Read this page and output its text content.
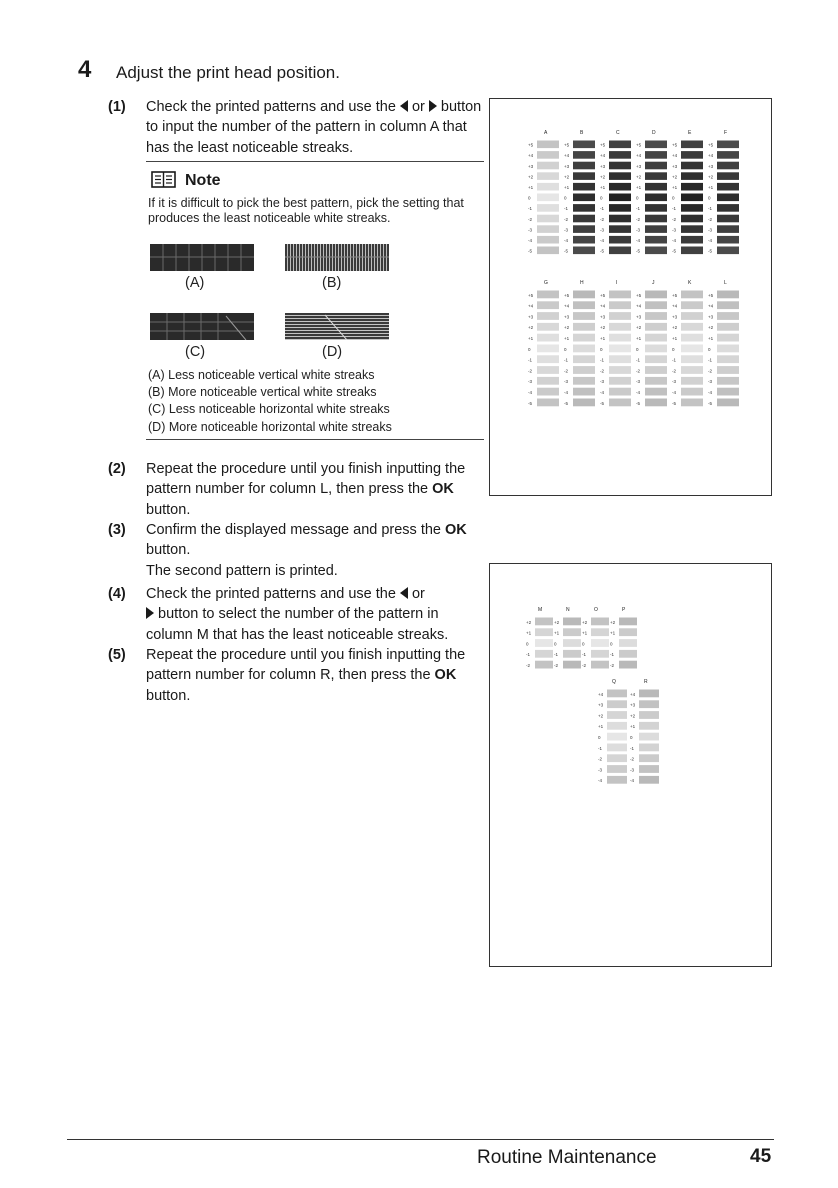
4 Adjust the print head position.
(1) Check the printed patterns and use the or button to input the number of the pattern in column A that has the least noticeable streaks.
Note
If it is difficult to pick the best pattern, pick the setting that produces the least noticeable white streaks.
(A)	(B)
(C)	(D)
(A) Less noticeable vertical white streaks
(B) More noticeable vertical white streaks
(C) Less noticeable horizontal white streaks
(D) More noticeable horizontal white streaks
(2) Repeat the procedure until you finish inputting the pattern number for column L, then press the OK button.
(3) Confirm the displayed message and press the OK button.
The second pattern is printed.
(4) Check the printed patterns and use the or
button to select the number of the pattern in column M that has the least noticeable streaks.
(5) Repeat the procedure until you finish inputting the pattern number for column R, then press the OK button.
A
+5
+4
+3
+2
+1
0
-1
-2
-3
-4
-5
B
+5
+4
+3
+2
+1
0
-1
-2
-3
-4
-5
C
+5
+4
+3
+2
+1
0
-1
-2
-3
-4
-5
D
+5
+4
+3
+2
+1
0
-1
-2
-3
-4
-5
E
+5
+4
+3
+2
+1
0
-1
-2
-3
-4
-5
F
+5
+4
+3
+2
+1
0
-1
-2
-3
-4
-5
G
+5
+4
+3
+2
+1
0
-1
-2
-3
-4
-5
H
+5
+4
+3
+2
+1
0
-1
-2
-3
-4
-5
I
+5
+4
+3
+2
+1
0
-1
-2
-3
-4
-5
J
+5
+4
+3
+2
+1
0
-1
-2
-3
-4
-5
K
+5
+4
+3
+2
+1
0
-1
-2
-3
-4
-5
L
+5
+4
+3
+2
+1
0
-1
-2
-3
-4
-5
M
+2
+1
0
-1
-2
N
+2
+1
0
-1
-2
O
+2
+1
0
-1
-2
P
+2
+1
0
-1
-2
Q
+4
+3
+2
+1
0
-1
-2
-3
-4
R
+4
+3
+2
+1
0
-1
-2
-3
-4
Routine Maintenance	45
